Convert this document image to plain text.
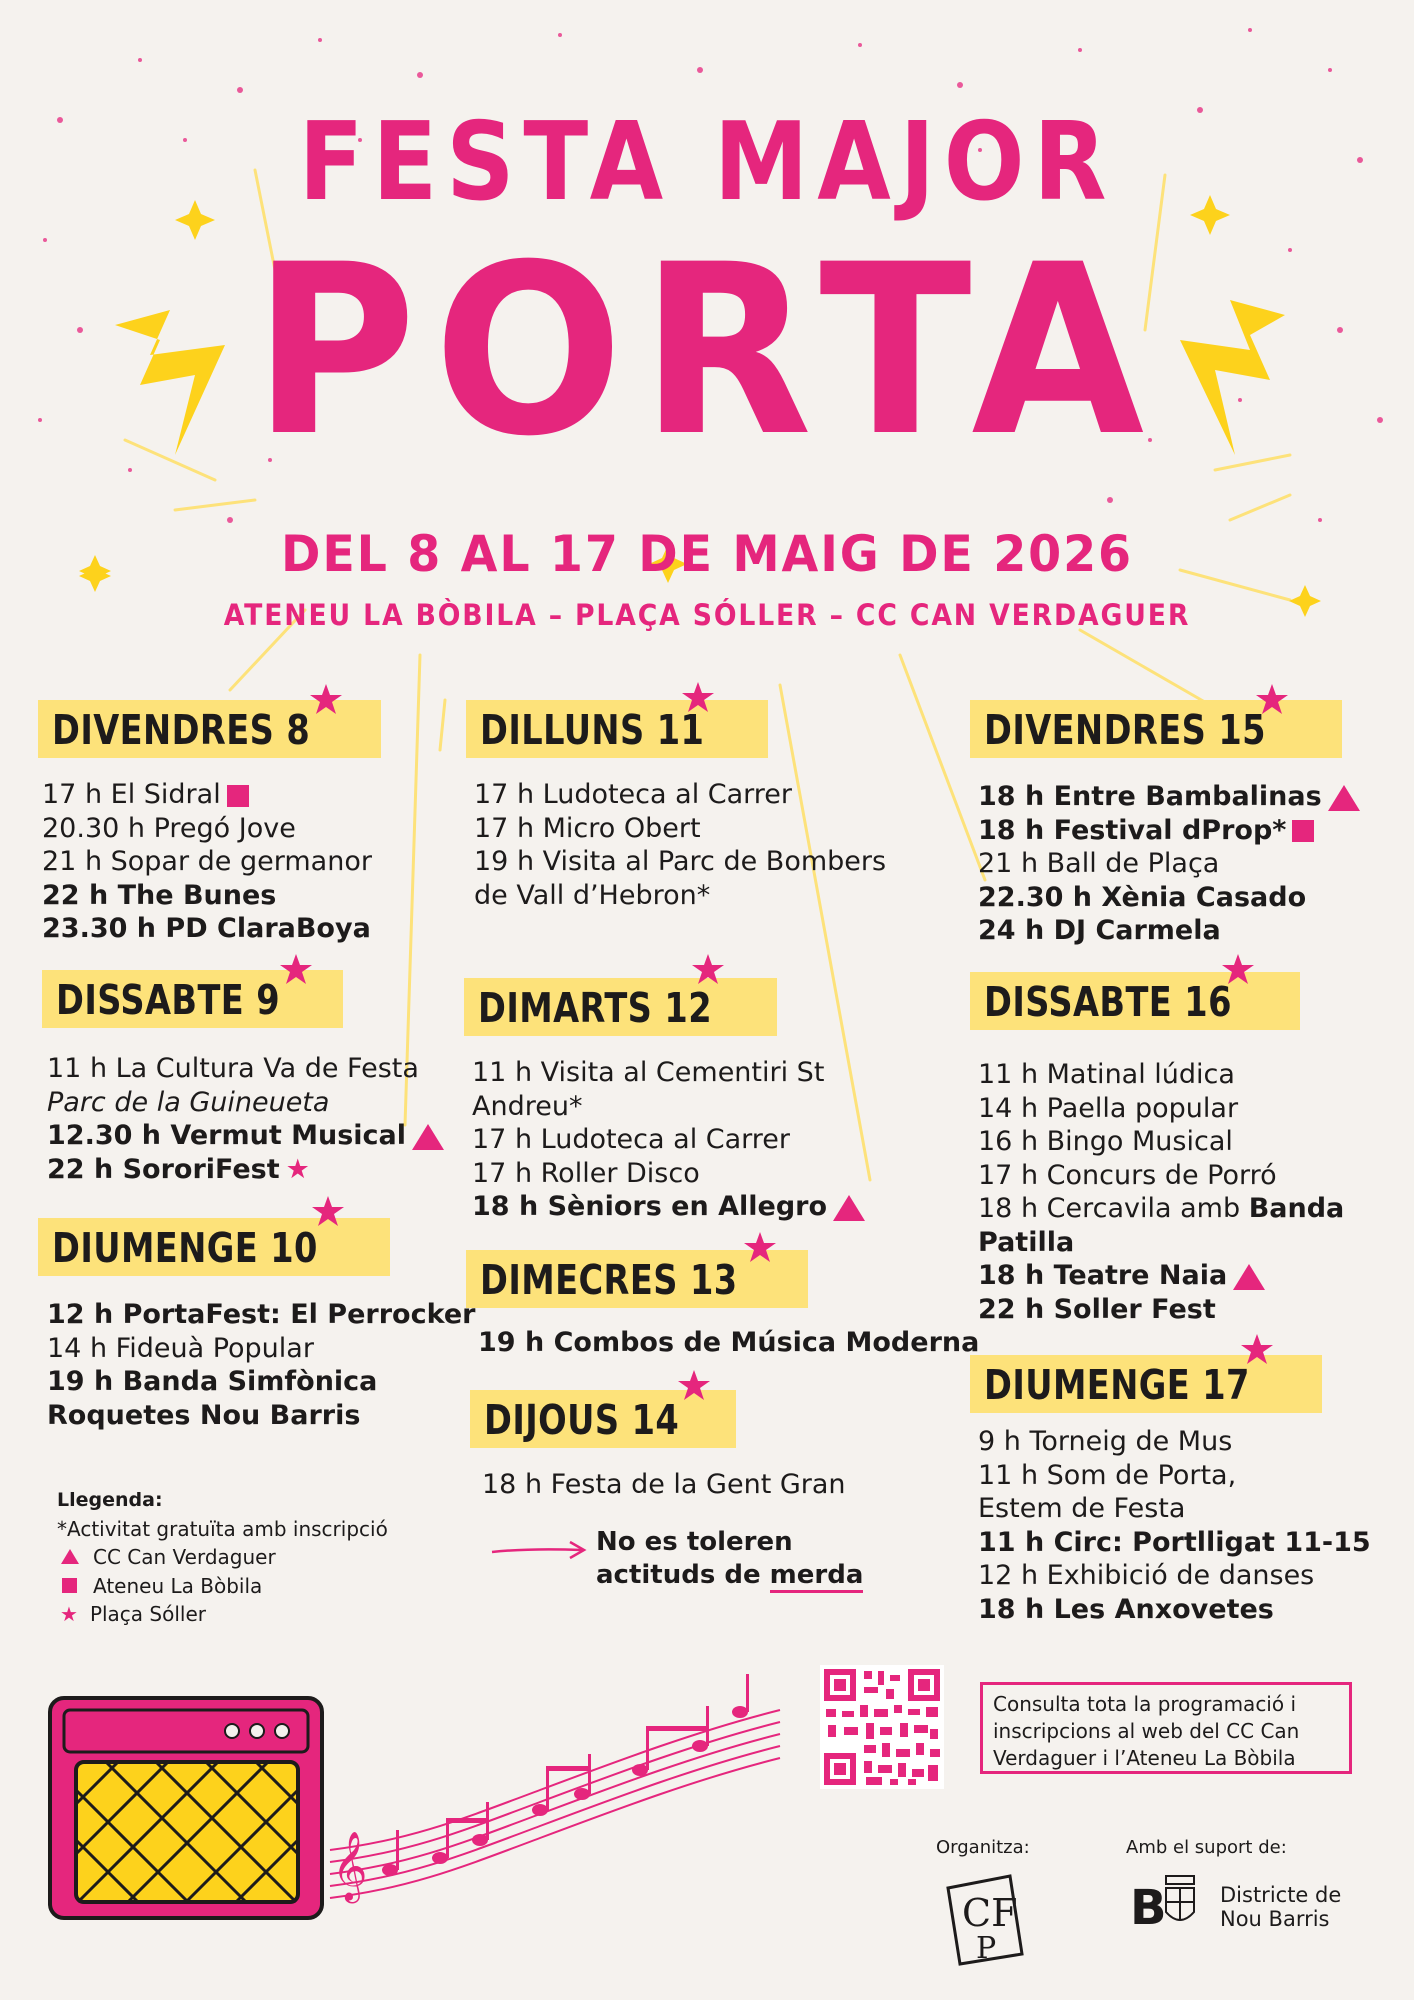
FESTA MAJOR
PORTA
DEL 8 AL 17 DE MAIG DE 2026
ATENEU LA BÒBILA – PLAÇA SÓLLER – CC CAN VERDAGUER
DIVENDRES 8
DISSABTE 9
DIUMENGE 10
DILLUNS 11
DIMARTS 12
DIMECRES 13
DIJOUS 14
DIVENDRES 15
DISSABTE 16
DIUMENGE 17
17 h El Sidral
20.30 h Pregó Jove
21 h Sopar de germanor
22 h The Bunes
23.30 h PD ClaraBoya
11 h La Cultura Va de Festa
Parc de la Guineueta
12.30 h Vermut Musical
22 h SororiFest ★
12 h PortaFest: El Perrocker
14 h Fideuà Popular
19 h Banda Simfònica
Roquetes Nou Barris
17 h Ludoteca al Carrer
17 h Micro Obert
19 h Visita al Parc de Bombers
de Vall d’Hebron*
11 h Visita al Cementiri St
Andreu*
17 h Ludoteca al Carrer
17 h Roller Disco
18 h Sèniors en Allegro
19 h Combos de Música Moderna
18 h Festa de la Gent Gran
18 h Entre Bambalinas
18 h Festival dProp*
21 h Ball de Plaça
22.30 h Xènia Casado
24 h DJ Carmela
11 h Matinal lúdica
14 h Paella popular
16 h Bingo Musical
17 h Concurs de Porró
18 h Cercavila amb Banda
Patilla
18 h Teatre Naia
22 h Soller Fest
9 h Torneig de Mus
11 h Som de Porta,
Estem de Festa
11 h Circ: Portlligat 11-15
12 h Exhibició de danses
18 h Les Anxovetes
Llegenda:
*Activitat gratuïta amb inscripció
CC Can Verdaguer
Ateneu La Bòbila
★ Plaça Sóller
No es toleren
actituds de merda
𝄞
Consulta tota la programació i inscripcions al web del CC Can Verdaguer i l’Ateneu La Bòbila
Organitza:	Amb el suport de:
CF
P
B	Districte de
Nou Barris
